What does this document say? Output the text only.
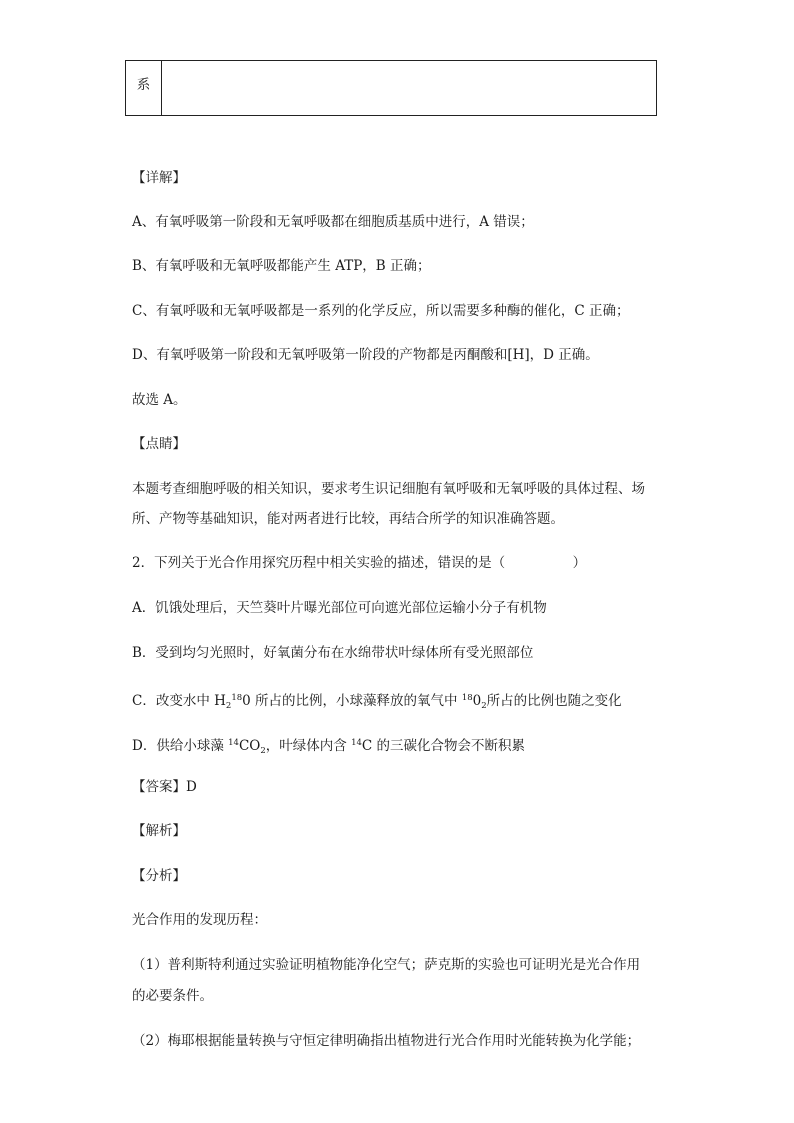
系
【详解】
A、有氧呼吸第一阶段和无氧呼吸都在细胞质基质中进行，A 错误；
B、有氧呼吸和无氧呼吸都能产生 ATP，B 正确；
C、有氧呼吸和无氧呼吸都是一系列的化学反应，所以需要多种酶的催化，C 正确；
D、有氧呼吸第一阶段和无氧呼吸第一阶段的产物都是丙酮酸和[H]，D 正确。
故选 A。
【点睛】
本题考查细胞呼吸的相关知识，要求考生识记细胞有氧呼吸和无氧呼吸的具体过程、场
所、产物等基础知识，能对两者进行比较，再结合所学的知识准确答题。
2．下列关于光合作用探究历程中相关实验的描述，错误的是（　　　　　）
A．饥饿处理后，天竺葵叶片曝光部位可向遮光部位运输小分子有机物
B．受到均匀光照时，好氧菌分布在水绵带状叶绿体所有受光照部位
C．改变水中 $H_2^{18}0$ 所占的比例，小球藻释放的氧气中 $^{18}0_2$所占的比例也随之变化
D．供给小球藻 $^{14}CO_2$，叶绿体内含 $^{14}$C 的三碳化合物会不断积累
【答案】D
【解析】
【分析】
光合作用的发现历程：
（1）普利斯特利通过实验证明植物能净化空气；萨克斯的实验也可证明光是光合作用
的必要条件。
（2）梅耶根据能量转换与守恒定律明确指出植物进行光合作用时光能转换为化学能；
